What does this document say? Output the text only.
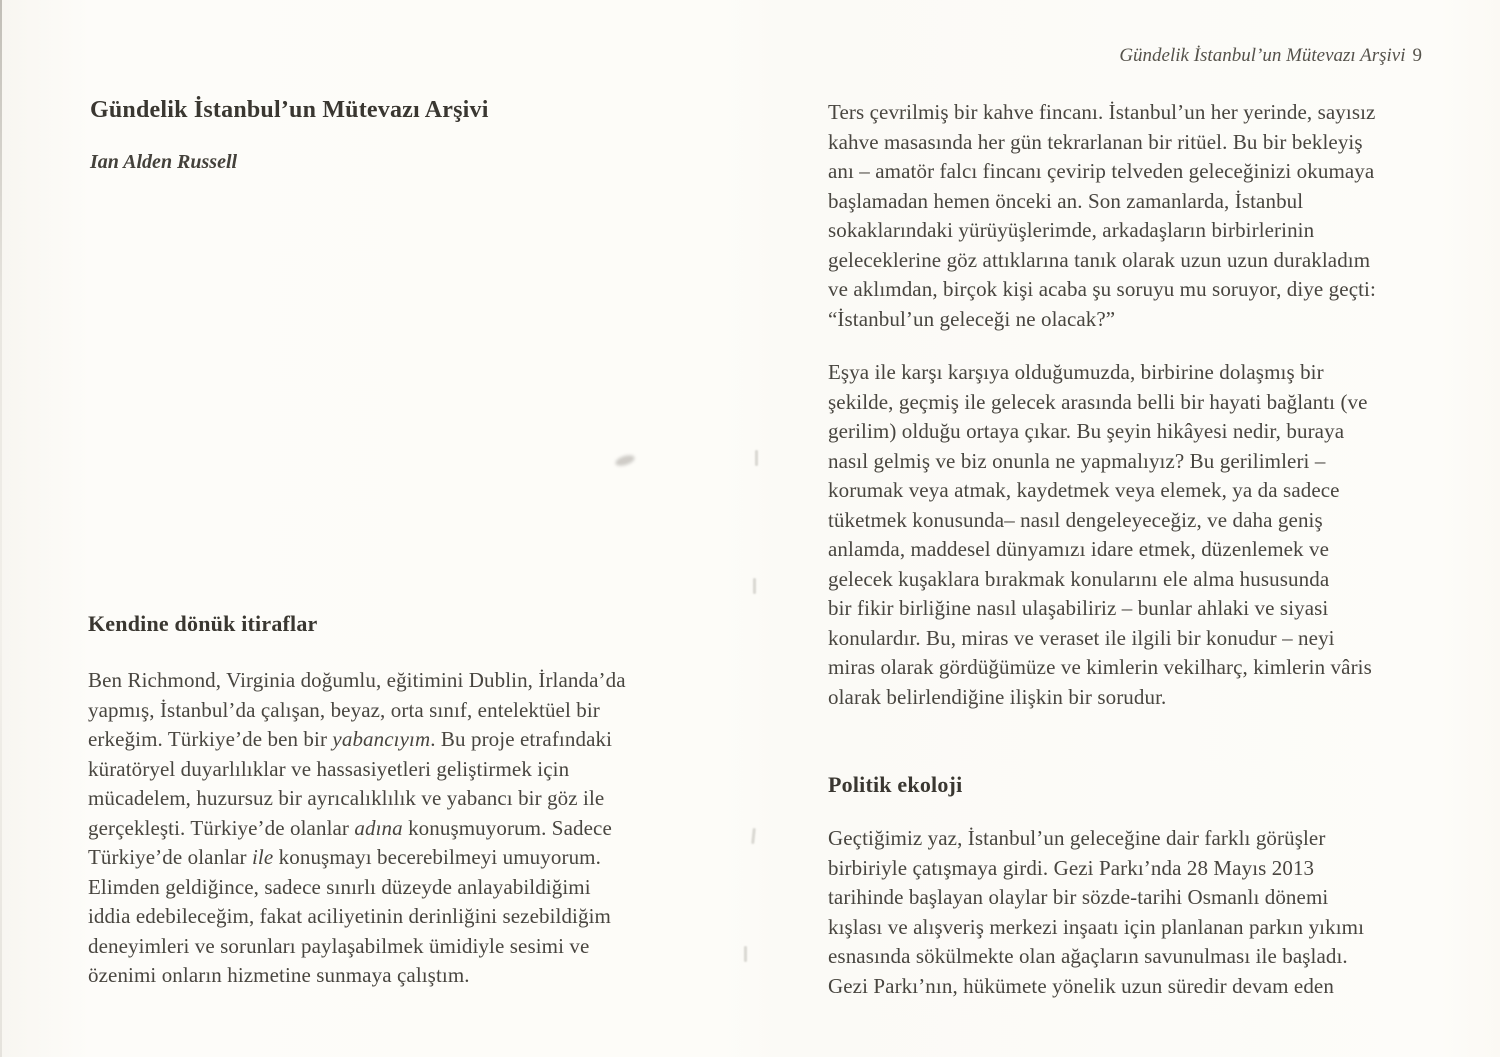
Gündelik İstanbul’un Mütevazı Arşivi
Ian Alden Russell
Kendine dönük itiraflar
Ben Richmond, Virginia doğumlu, eğitimini Dublin, İrlanda’da
yapmış, İstanbul’da çalışan, beyaz, orta sınıf, entelektüel bir
erkeğim. Türkiye’de ben bir yabancıyım. Bu proje etrafındaki
küratöryel duyarlılıklar ve hassasiyetleri geliştirmek için
mücadelem, huzursuz bir ayrıcalıklılık ve yabancı bir göz ile
gerçekleşti. Türkiye’de olanlar adına konuşmuyorum. Sadece
Türkiye’de olanlar ile konuşmayı becerebilmeyi umuyorum.
Elimden geldiğince, sadece sınırlı düzeyde anlayabildiğimi
iddia edebileceğim, fakat aciliyetinin derinliğini sezebildiğim
deneyimleri ve sorunları paylaşabilmek ümidiyle sesimi ve
özenimi onların hizmetine sunmaya çalıştım.
Gündelik İstanbul’un Mütevazı Arşivi 9
Ters çevrilmiş bir kahve fincanı. İstanbul’un her yerinde, sayısız
kahve masasında her gün tekrarlanan bir ritüel. Bu bir bekleyiş
anı – amatör falcı fincanı çevirip telveden geleceğinizi okumaya
başlamadan hemen önceki an. Son zamanlarda, İstanbul
sokaklarındaki yürüyüşlerimde, arkadaşların birbirlerinin
geleceklerine göz attıklarına tanık olarak uzun uzun durakladım
ve aklımdan, birçok kişi acaba şu soruyu mu soruyor, diye geçti:
“İstanbul’un geleceği ne olacak?”
Eşya ile karşı karşıya olduğumuzda, birbirine dolaşmış bir
şekilde, geçmiş ile gelecek arasında belli bir hayati bağlantı (ve
gerilim) olduğu ortaya çıkar. Bu şeyin hikâyesi nedir, buraya
nasıl gelmiş ve biz onunla ne yapmalıyız? Bu gerilimleri –
korumak veya atmak, kaydetmek veya elemek, ya da sadece
tüketmek konusunda– nasıl dengeleyeceğiz, ve daha geniş
anlamda, maddesel dünyamızı idare etmek, düzenlemek ve
gelecek kuşaklara bırakmak konularını ele alma hususunda
bir fikir birliğine nasıl ulaşabiliriz – bunlar ahlaki ve siyasi
konulardır. Bu, miras ve veraset ile ilgili bir konudur – neyi
miras olarak gördüğümüze ve kimlerin vekilharç, kimlerin vâris
olarak belirlendiğine ilişkin bir sorudur.
Politik ekoloji
Geçtiğimiz yaz, İstanbul’un geleceğine dair farklı görüşler
birbiriyle çatışmaya girdi. Gezi Parkı’nda 28 Mayıs 2013
tarihinde başlayan olaylar bir sözde-tarihi Osmanlı dönemi
kışlası ve alışveriş merkezi inşaatı için planlanan parkın yıkımı
esnasında sökülmekte olan ağaçların savunulması ile başladı.
Gezi Parkı’nın, hükümete yönelik uzun süredir devam eden
